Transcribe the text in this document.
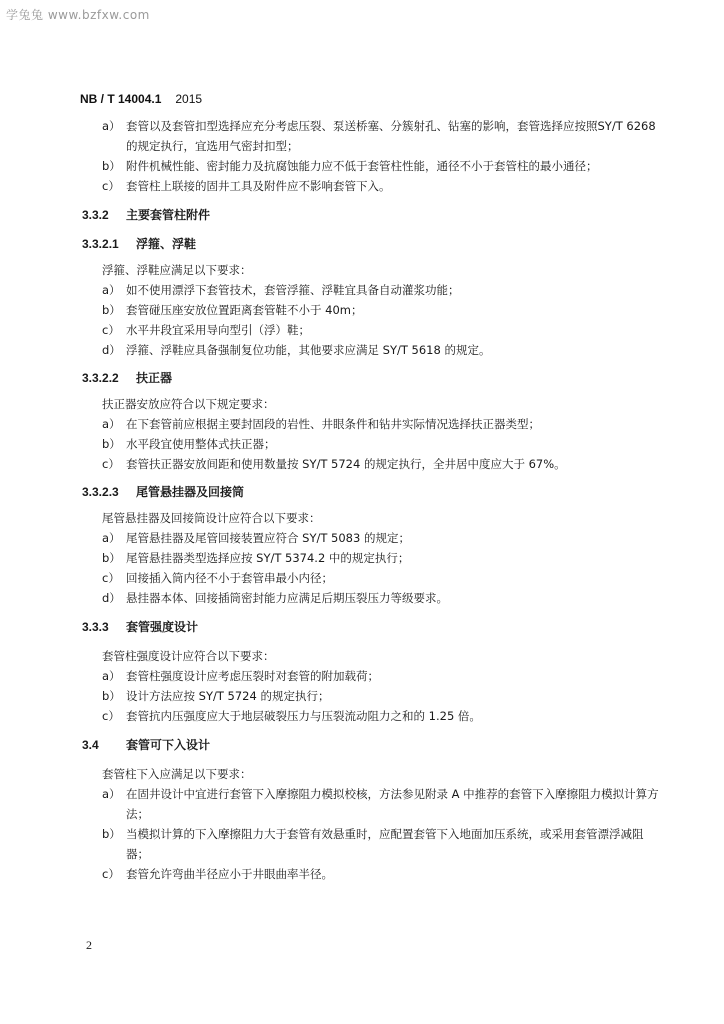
学兔兔 www.bzfxw.com
NB / T 14004.1 2015
a） 套管以及套管扣型选择应充分考虑压裂、泵送桥塞、分簇射孔、钻塞的影响，套管选择应按照SY/T 6268 的规定执行，宜选用气密封扣型；
b） 附件机械性能、密封能力及抗腐蚀能力应不低于套管柱性能，通径不小于套管柱的最小通径；
c） 套管柱上联接的固井工具及附件应不影响套管下入。
3.3.2 主要套管柱附件
3.3.2.1 浮箍、浮鞋
浮箍、浮鞋应满足以下要求：
a） 如不使用漂浮下套管技术，套管浮箍、浮鞋宜具备自动灌浆功能；
b） 套管碰压座安放位置距离套管鞋不小于 40m；
c） 水平井段宜采用导向型引（浮）鞋；
d） 浮箍、浮鞋应具备强制复位功能，其他要求应满足 SY/T 5618 的规定。
3.3.2.2 扶正器
扶正器安放应符合以下规定要求：
a） 在下套管前应根据主要封固段的岩性、井眼条件和钻井实际情况选择扶正器类型；
b） 水平段宜使用整体式扶正器；
c） 套管扶正器安放间距和使用数量按 SY/T 5724 的规定执行，全井居中度应大于 67%。
3.3.2.3 尾管悬挂器及回接筒
尾管悬挂器及回接筒设计应符合以下要求：
a） 尾管悬挂器及尾管回接装置应符合 SY/T 5083 的规定；
b） 尾管悬挂器类型选择应按 SY/T 5374.2 中的规定执行；
c） 回接插入筒内径不小于套管串最小内径；
d） 悬挂器本体、回接插筒密封能力应满足后期压裂压力等级要求。
3.3.3 套管强度设计
套管柱强度设计应符合以下要求：
a） 套管柱强度设计应考虑压裂时对套管的附加载荷；
b） 设计方法应按 SY/T 5724 的规定执行；
c） 套管抗内压强度应大于地层破裂压力与压裂流动阻力之和的 1.25 倍。
3.4 套管可下入设计
套管柱下入应满足以下要求：
a） 在固井设计中宜进行套管下入摩擦阻力模拟校核，方法参见附录 A 中推荐的套管下入摩擦阻力模拟计算方法；
b） 当模拟计算的下入摩擦阻力大于套管有效悬重时，应配置套管下入地面加压系统，或采用套管漂浮减阻器；
c） 套管允许弯曲半径应小于井眼曲率半径。
2
